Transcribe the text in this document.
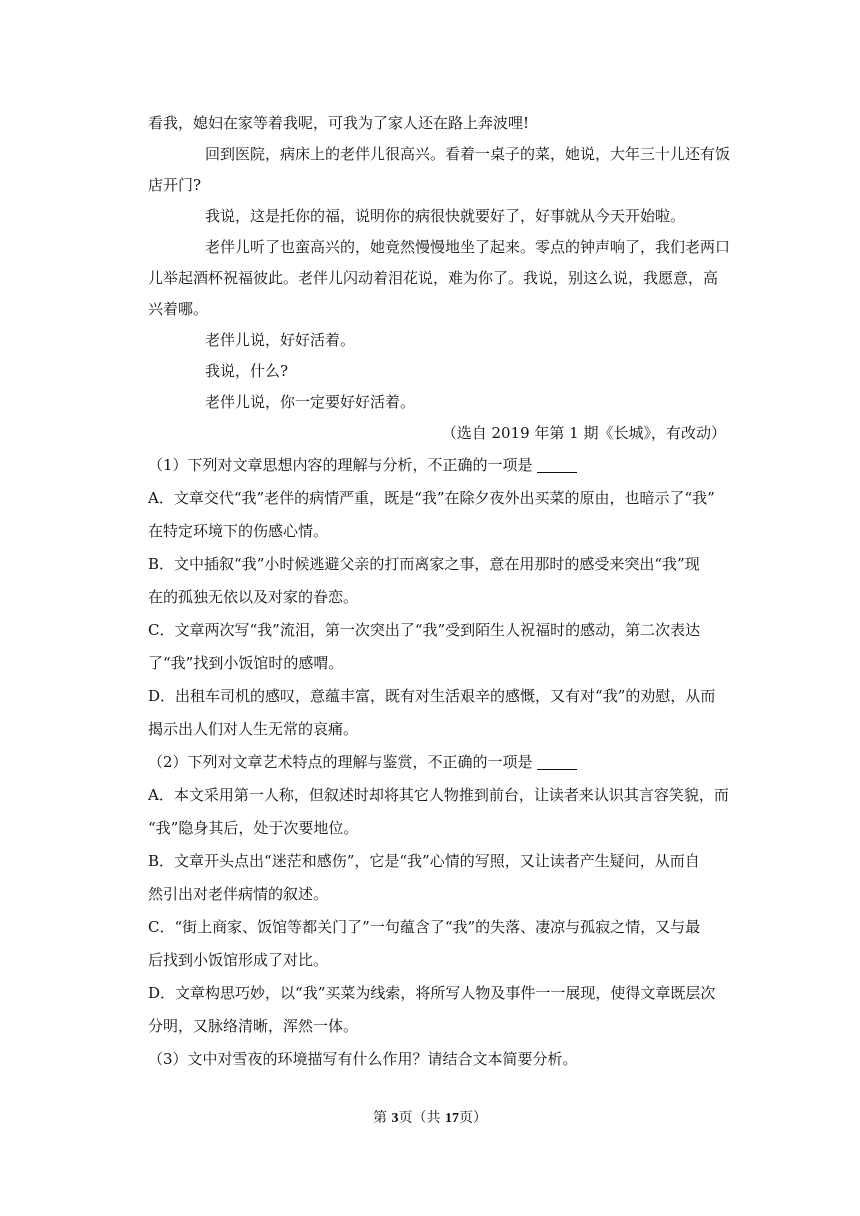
看我，媳妇在家等着我呢，可我为了家人还在路上奔波哩!
回到医院，病床上的老伴儿很高兴。看着一桌子的菜，她说，大年三十儿还有饭
店开门?
我说，这是托你的福，说明你的病很快就要好了，好事就从今天开始啦。
老伴儿听了也蛮高兴的，她竟然慢慢地坐了起来。零点的钟声响了，我们老两口
儿举起酒杯祝福彼此。老伴儿闪动着泪花说，难为你了。我说，别这么说，我愿意，高
兴着哪。
老伴儿说，好好活着。
我说，什么?
老伴儿说，你一定要好好活着。
（选自 2019 年第 1 期《长城》，有改动）
（1）下列对文章思想内容的理解与分析，不正确的一项是
A．文章交代“我”老伴的病情严重，既是“我”在除夕夜外出买菜的原由，也暗示了“我”
在特定环境下的伤感心情。
B．文中插叙“我”小时候逃避父亲的打而离家之事，意在用那时的感受来突出“我”现
在的孤独无依以及对家的眷恋。
C．文章两次写“我”流泪，第一次突出了“我”受到陌生人祝福时的感动，第二次表达
了“我”找到小饭馆时的感喟。
D．出租车司机的感叹，意蕴丰富，既有对生活艰辛的感慨，又有对“我”的劝慰，从而
揭示出人们对人生无常的哀痛。
（2）下列对文章艺术特点的理解与鉴赏，不正确的一项是
A．本文采用第一人称，但叙述时却将其它人物推到前台，让读者来认识其言容笑貌，而
“我”隐身其后，处于次要地位。
B．文章开头点出“迷茫和感伤”，它是“我”心情的写照，又让读者产生疑问，从而自
然引出对老伴病情的叙述。
C．“街上商家、饭馆等都关门了”一句蕴含了“我”的失落、凄凉与孤寂之情，又与最
后找到小饭馆形成了对比。
D．文章构思巧妙，以“我”买菜为线索，将所写人物及事件一一展现，使得文章既层次
分明，又脉络清晰，浑然一体。
（3）文中对雪夜的环境描写有什么作用？请结合文本简要分析。
第 3页（共 17页）
